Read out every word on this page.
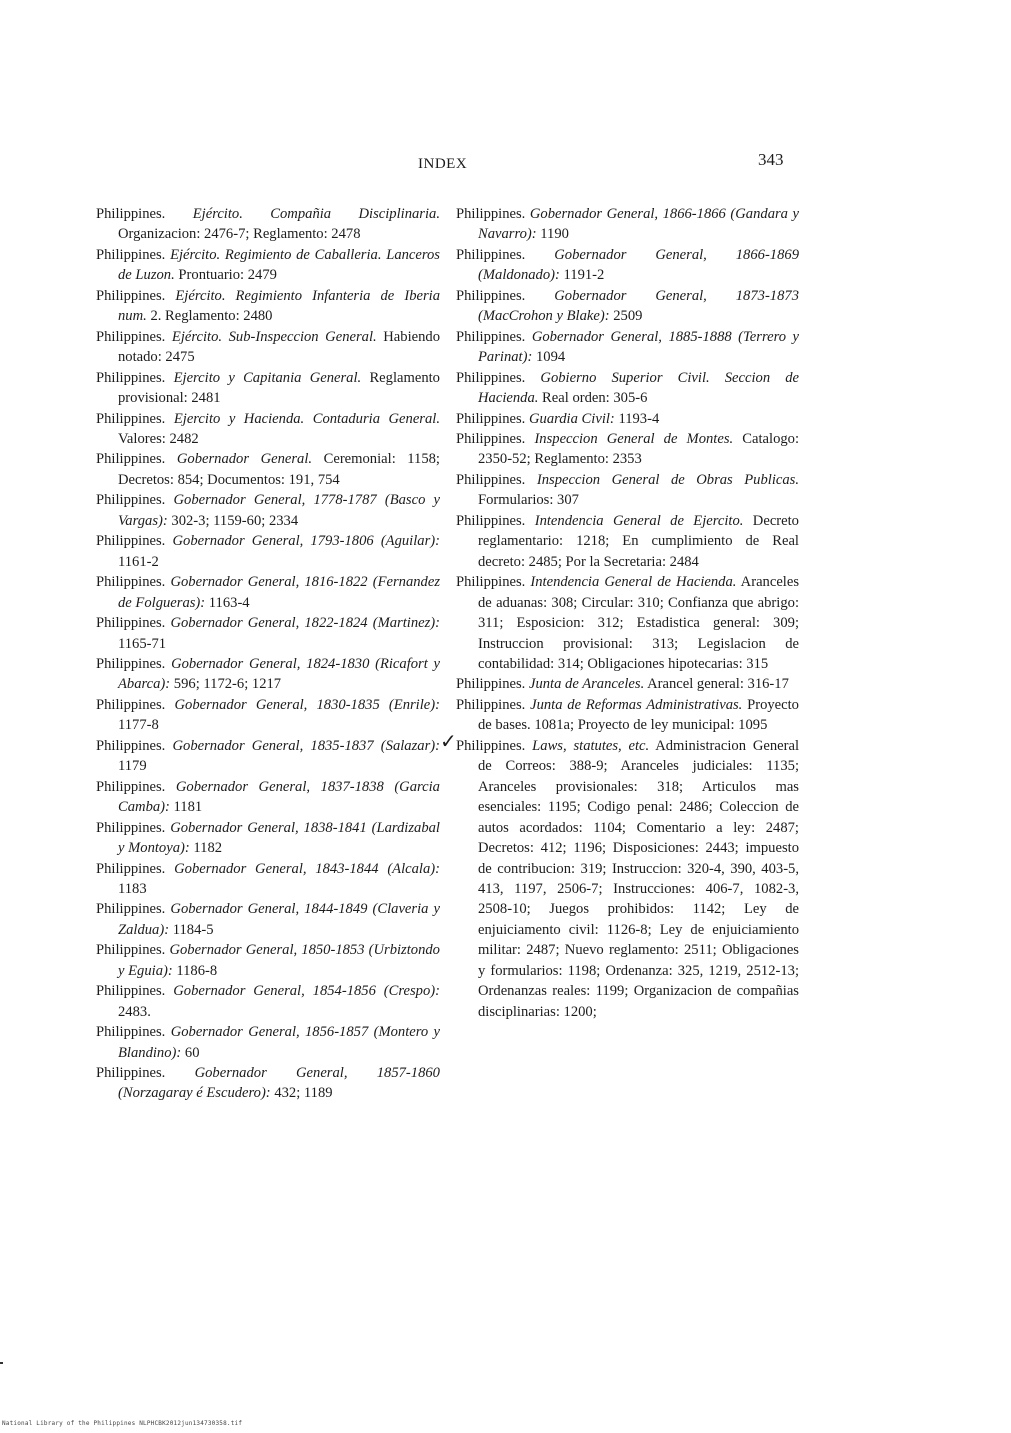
INDEX	343

Philippines. Ejército. Compañia Disciplinaria. Organizacion: 2476-7; Reglamento: 2478

Philippines. Ejército. Regimiento de Caballeria. Lanceros de Luzon. Prontuario: 2479

Philippines. Ejército. Regimiento Infanteria de Iberia num. 2. Reglamento: 2480

Philippines. Ejército. Sub-Inspeccion General. Habiendo notado: 2475

Philippines. Ejercito y Capitania General. Reglamento provisional: 2481

Philippines. Ejercito y Hacienda. Contaduria General. Valores: 2482

Philippines. Gobernador General. Ceremonial: 1158; Decretos: 854; Documentos: 191, 754

Philippines. Gobernador General, 1778-1787 (Basco y Vargas): 302-3; 1159-60; 2334

Philippines. Gobernador General, 1793-1806 (Aguilar): 1161-2

Philippines. Gobernador General, 1816-1822 (Fernandez de Folgueras): 1163-4

Philippines. Gobernador General, 1822-1824 (Martinez): 1165-71

Philippines. Gobernador General, 1824-1830 (Ricafort y Abarca): 596; 1172-6; 1217

Philippines. Gobernador General, 1830-1835 (Enrile): 1177-8

Philippines. Gobernador General, 1835-1837 (Salazar): 1179

Philippines. Gobernador General, 1837-1838 (Garcia Camba): 1181

Philippines. Gobernador General, 1838-1841 (Lardizabal y Montoya): 1182

Philippines. Gobernador General, 1843-1844 (Alcala): 1183

Philippines. Gobernador General, 1844-1849 (Claveria y Zaldua): 1184-5

Philippines. Gobernador General, 1850-1853 (Urbiztondo y Eguia): 1186-8

Philippines. Gobernador General, 1854-1856 (Crespo): 2483.

Philippines. Gobernador General, 1856-1857 (Montero y Blandino): 60

Philippines. Gobernador General, 1857-1860 (Norzagaray é Escudero): 432; 1189

Philippines. Gobernador General, 1866-1866 (Gandara y Navarro): 1190

Philippines. Gobernador General, 1866-1869 (Maldonado): 1191-2

Philippines. Gobernador General, 1873-1873 (MacCrohon y Blake): 2509

Philippines. Gobernador General, 1885-1888 (Terrero y Parinat): 1094

Philippines. Gobierno Superior Civil. Seccion de Hacienda. Real orden: 305-6

Philippines. Guardia Civil: 1193-4

Philippines. Inspeccion General de Montes. Catalogo: 2350-52; Reglamento: 2353

Philippines. Inspeccion General de Obras Publicas. Formularios: 307

Philippines. Intendencia General de Ejercito. Decreto reglamentario: 1218; En cumplimiento de Real decreto: 2485; Por la Secretaria: 2484

Philippines. Intendencia General de Hacienda. Aranceles de aduanas: 308; Circular: 310; Confianza que abrigo: 311; Esposicion: 312; Estadistica general: 309; Instruccion provisional: 313; Legislacion de contabilidad: 314; Obligaciones hipotecarias: 315

Philippines. Junta de Aranceles. Arancel general: 316-17

Philippines. Junta de Reformas Administrativas. Proyecto de bases. 1081a; Proyecto de ley municipal: 1095

✓ Philippines. Laws, statutes, etc. Administracion General de Correos: 388-9; Aranceles judiciales: 1135; Aranceles provisionales: 318; Articulos mas esenciales: 1195; Codigo penal: 2486; Coleccion de autos acordados: 1104; Comentario a ley: 2487; Decretos: 412; 1196; Disposiciones: 2443; impuesto de contribucion: 319; Instruccion: 320-4, 390, 403-5, 413, 1197, 2506-7; Instrucciones: 406-7, 1082-3, 2508-10; Juegos prohibidos: 1142; Ley de enjuiciamento civil: 1126-8; Ley de enjuiciamiento militar: 2487; Nuevo reglamento: 2511; Obligaciones y formularios: 1198; Ordenanza: 325, 1219, 2512-13; Ordenanzas reales: 1199; Organizacion de compañias disciplinarias: 1200;

National Library of the Philippines NLPHCBK2012jun134730358.tif
